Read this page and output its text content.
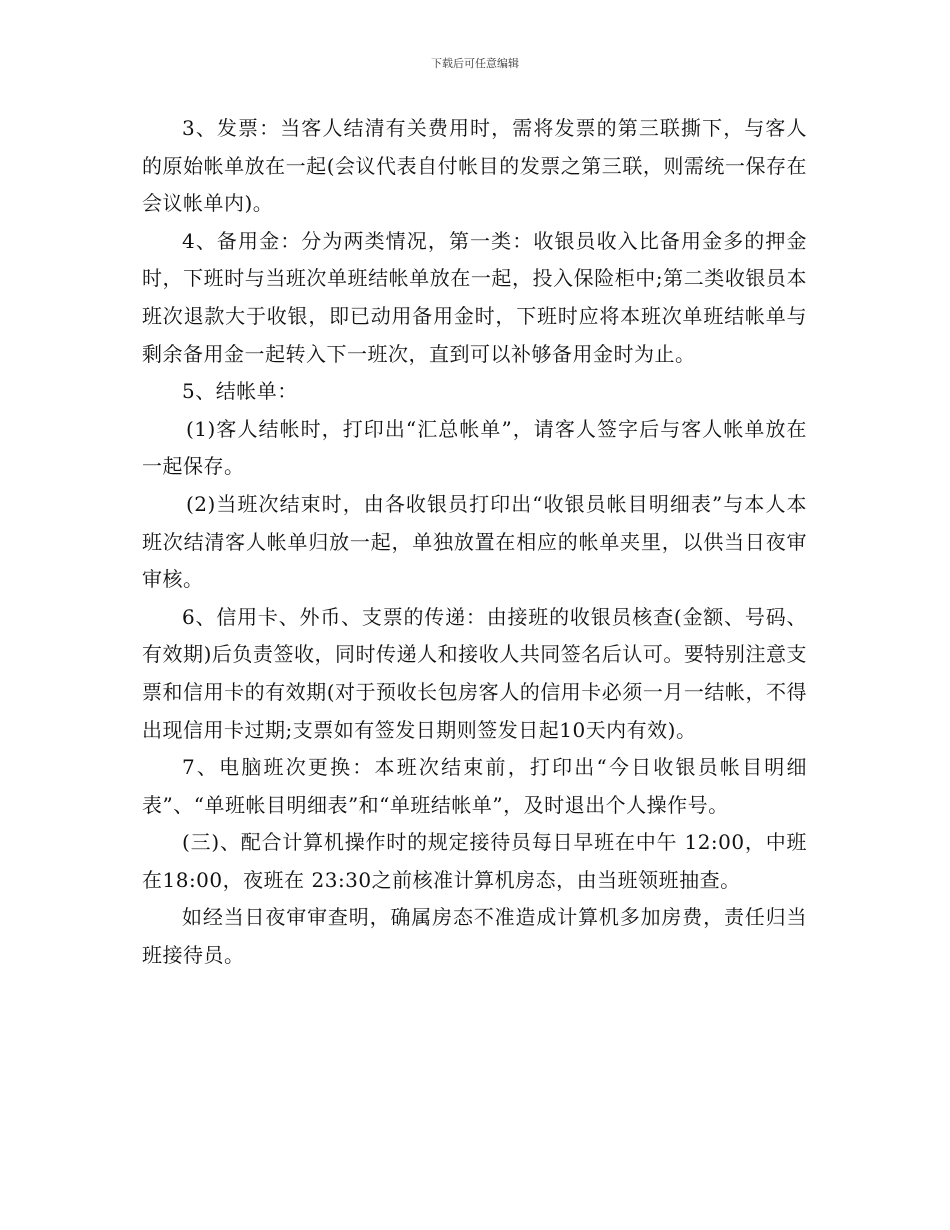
下载后可任意编辑

3、发票：当客人结清有关费用时，需将发票的第三联撕下，与客人的原始帐单放在一起(会议代表自付帐目的发票之第三联，则需统一保存在会议帐单内)。

4、备用金：分为两类情况，第一类：收银员收入比备用金多的押金时，下班时与当班次单班结帐单放在一起，投入保险柜中;第二类收银员本班次退款大于收银，即已动用备用金时，下班时应将本班次单班结帐单与剩余备用金一起转入下一班次，直到可以补够备用金时为止。

5、结帐单：

(1)客人结帐时，打印出“汇总帐单”，请客人签字后与客人帐单放在一起保存。

(2)当班次结束时，由各收银员打印出“收银员帐目明细表”与本人本班次结清客人帐单归放一起，单独放置在相应的帐单夹里，以供当日夜审审核。

6、信用卡、外币、支票的传递：由接班的收银员核查(金额、号码、有效期)后负责签收，同时传递人和接收人共同签名后认可。要特别注意支票和信用卡的有效期(对于预收长包房客人的信用卡必须一月一结帐，不得出现信用卡过期;支票如有签发日期则签发日起10天内有效)。

7、电脑班次更换：本班次结束前，打印出“今日收银员帐目明细表”、“单班帐目明细表”和“单班结帐单”，及时退出个人操作号。

(三)、配合计算机操作时的规定接待员每日早班在中午 12:00，中班在18:00，夜班在 23:30之前核准计算机房态，由当班领班抽查。

如经当日夜审审查明，确属房态不准造成计算机多加房费，责任归当班接待员。
